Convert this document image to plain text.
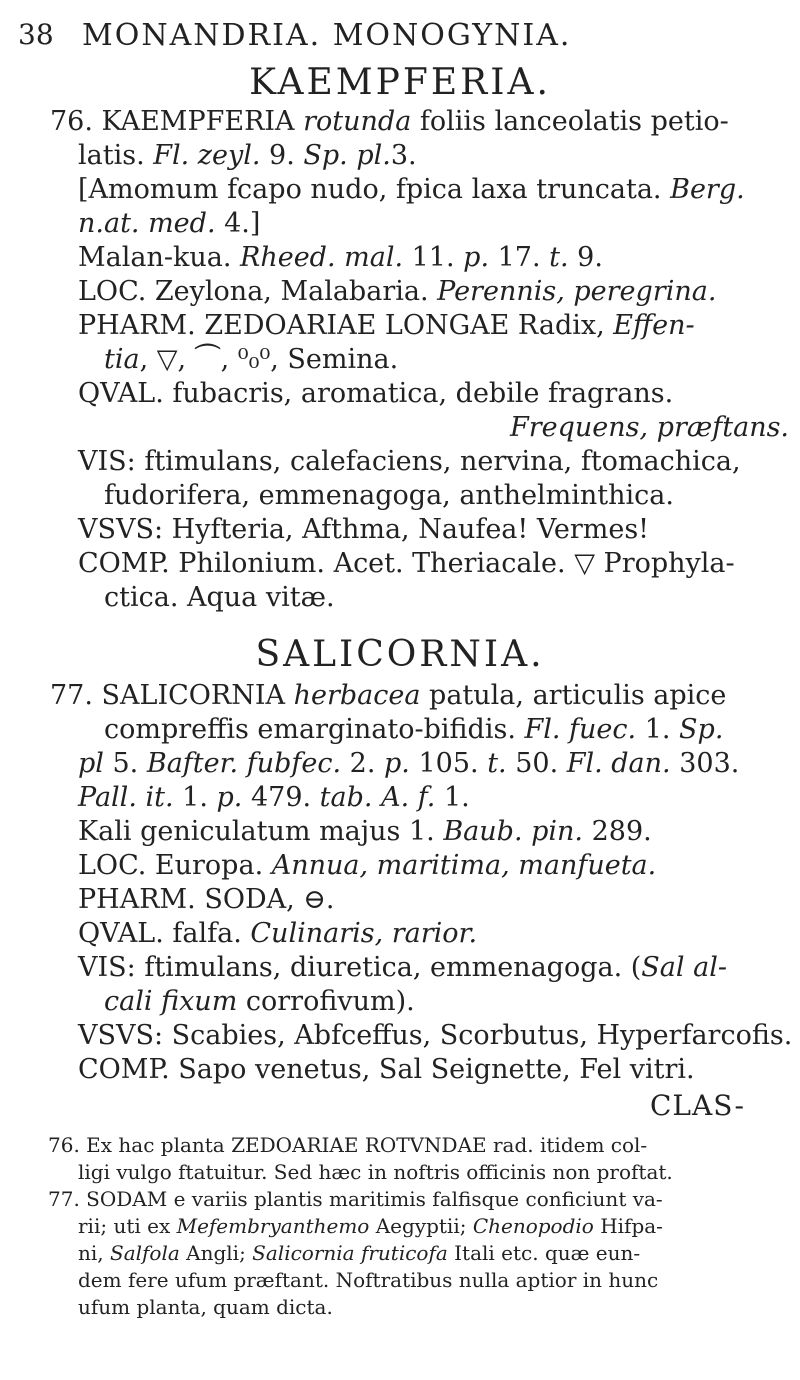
38 MONANDRIA. MONOGYNIA.
KAEMPFERIA.
76. KAEMPFERIA rotunda foliis lanceolatis petio-
latis. Fl. zeyl. 9. Sp. pl.3.
[Amomum fcapo nudo, fpica laxa truncata. Berg.
n.at. med. 4.]
Malan-kua. Rheed. mal. 11. p. 17. t. 9.
LOC. Zeylona, Malabaria. Perennis, peregrina.
PHARM. ZEDOARIAE LONGAE Radix, Effen-
tia, ▽, ⏜, ⁰₀⁰, Semina.
QVAL. fubacris, aromatica, debile fragrans.
Frequens, præftans.
VIS: ftimulans, calefaciens, nervina, ftomachica,
fudorifera, emmenagoga, anthelminthica.
VSVS: Hyfteria, Afthma, Naufea! Vermes!
COMP. Philonium. Acet. Theriacale. ▽ Prophyla-
ctica. Aqua vitæ.
SALICORNIA.
77. SALICORNIA herbacea patula, articulis apice
compreffis emarginato-bifidis. Fl. fuec. 1. Sp.
pl 5. Bafter. fubfec. 2. p. 105. t. 50. Fl. dan. 303.
Pall. it. 1. p. 479. tab. A. f. 1.
Kali geniculatum majus 1. Baub. pin. 289.
LOC. Europa. Annua, maritima, manfueta.
PHARM. SODA, ⊖.
QVAL. falfa. Culinaris, rarior.
VIS: ftimulans, diuretica, emmenagoga. (Sal al-
cali fixum corrofivum).
VSVS: Scabies, Abfceffus, Scorbutus, Hyperfarcofis.
COMP. Sapo venetus, Sal Seignette, Fel vitri.
CLAS-
76. Ex hac planta ZEDOARIAE ROTVNDAE rad. itidem col-
ligi vulgo ftatuitur. Sed hæc in noftris officinis non proftat.
77. SODAM e variis plantis maritimis falfisque conficiunt va-
rii; uti ex Mefembryanthemo Aegyptii; Chenopodio Hifpa-
ni, Salfola Angli; Salicornia fruticofa Itali etc. quæ eun-
dem fere ufum præftant. Noftratibus nulla aptior in hunc
ufum planta, quam dicta.
